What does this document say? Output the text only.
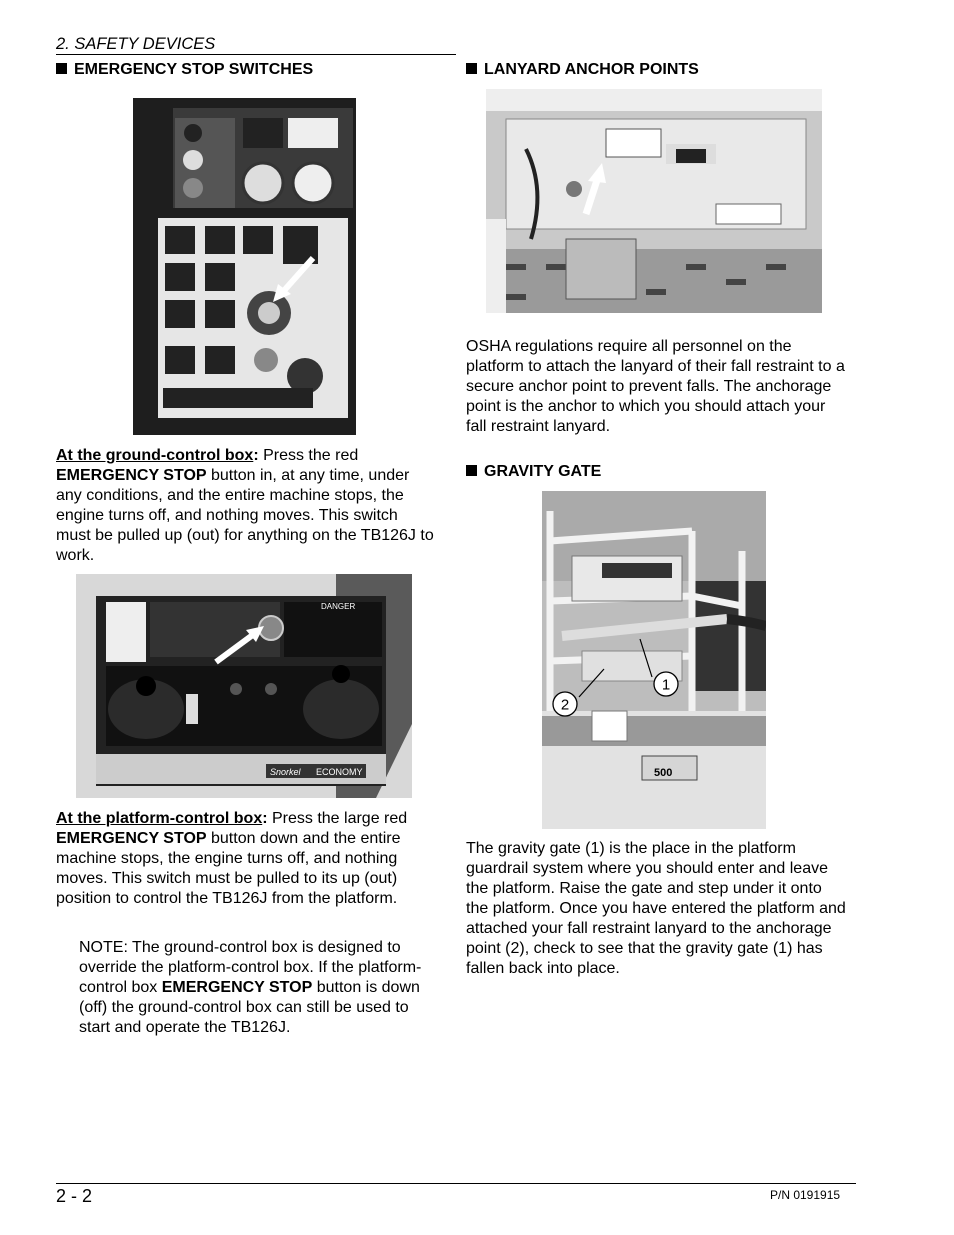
2. SAFETY DEVICES
EMERGENCY STOP SWITCHES
At the ground-control box: Press the red EMERGENCY STOP button in, at any time, under any conditions, and the entire machine stops, the engine turns off, and nothing moves. This switch must be pulled up (out) for anything on the TB126J to work.
DANGER
Snorkel ECONOMY
At the platform-control box: Press the large red EMERGENCY STOP button down and the entire machine stops, the engine turns off, and nothing moves. This switch must be pulled to its up (out) position to control the TB126J from the platform.
NOTE: The ground-control box is designed to override the platform-control box. If the platform-control box EMERGENCY STOP button is down (off) the ground-control box can still be used to start and operate the TB126J.
LANYARD ANCHOR POINTS
OSHA regulations require all personnel on the platform to attach the lanyard of their fall restraint to a secure anchor point to prevent falls. The anchorage point is the anchor to which you should attach your fall restraint lanyard.
GRAVITY GATE
500
1
2
The gravity gate (1) is the place in the platform guardrail system where you should enter and leave the platform. Raise the gate and step under it onto the platform. Once you have entered the platform and attached your fall restraint lanyard to the anchorage point (2), check to see that the gravity gate (1) has fallen back into place.
2 - 2	P/N 0191915
